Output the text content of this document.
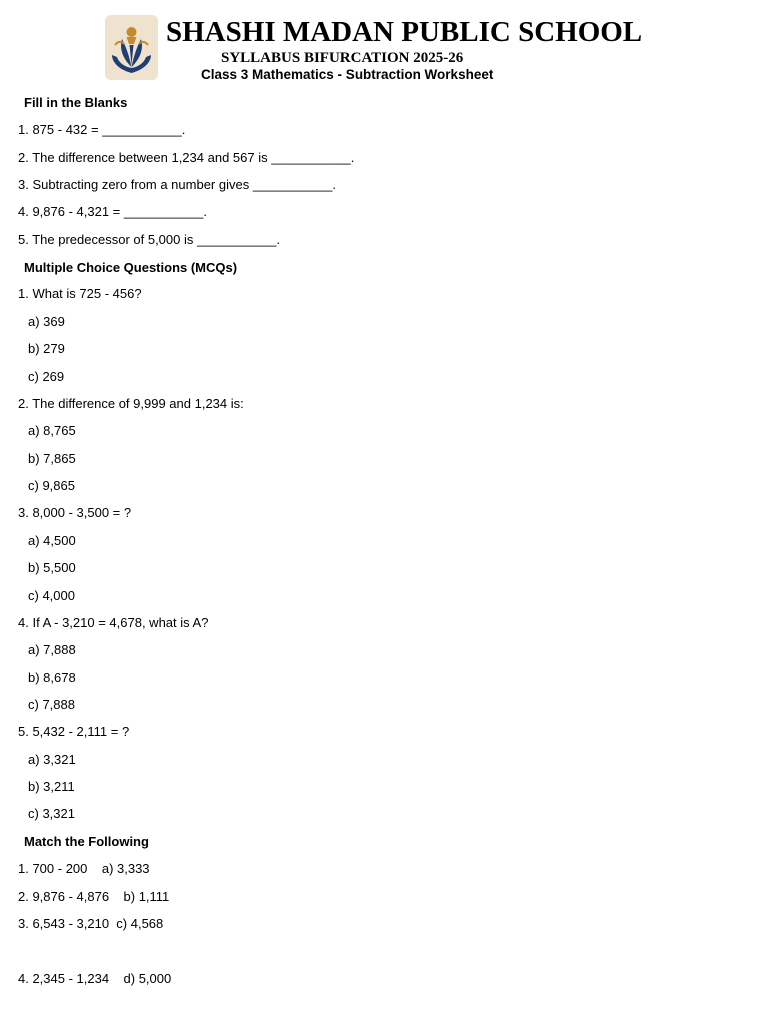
SHASHI MADAN PUBLIC SCHOOL
SYLLABUS BIFURCATION 2025-26
Class 3 Mathematics - Subtraction Worksheet
Fill in the Blanks
1. 875 - 432 = ___________.
2. The difference between 1,234 and 567 is ___________.
3. Subtracting zero from a number gives ___________.
4. 9,876 - 4,321 = ___________.
5. The predecessor of 5,000 is ___________.
Multiple Choice Questions (MCQs)
1. What is 725 - 456?
a) 369
b) 279
c) 269
2. The difference of 9,999 and 1,234 is:
a) 8,765
b) 7,865
c) 9,865
3. 8,000 - 3,500 = ?
a) 4,500
b) 5,500
c) 4,000
4. If A - 3,210 = 4,678, what is A?
a) 7,888
b) 8,678
c) 7,888
5. 5,432 - 2,111 = ?
a) 3,321
b) 3,211
c) 3,321
Match the Following
1. 700 - 200    a) 3,333
2. 9,876 - 4,876    b) 1,111
3. 6,543 - 3,210  c) 4,568
4. 2,345 - 1,234    d) 5,000
